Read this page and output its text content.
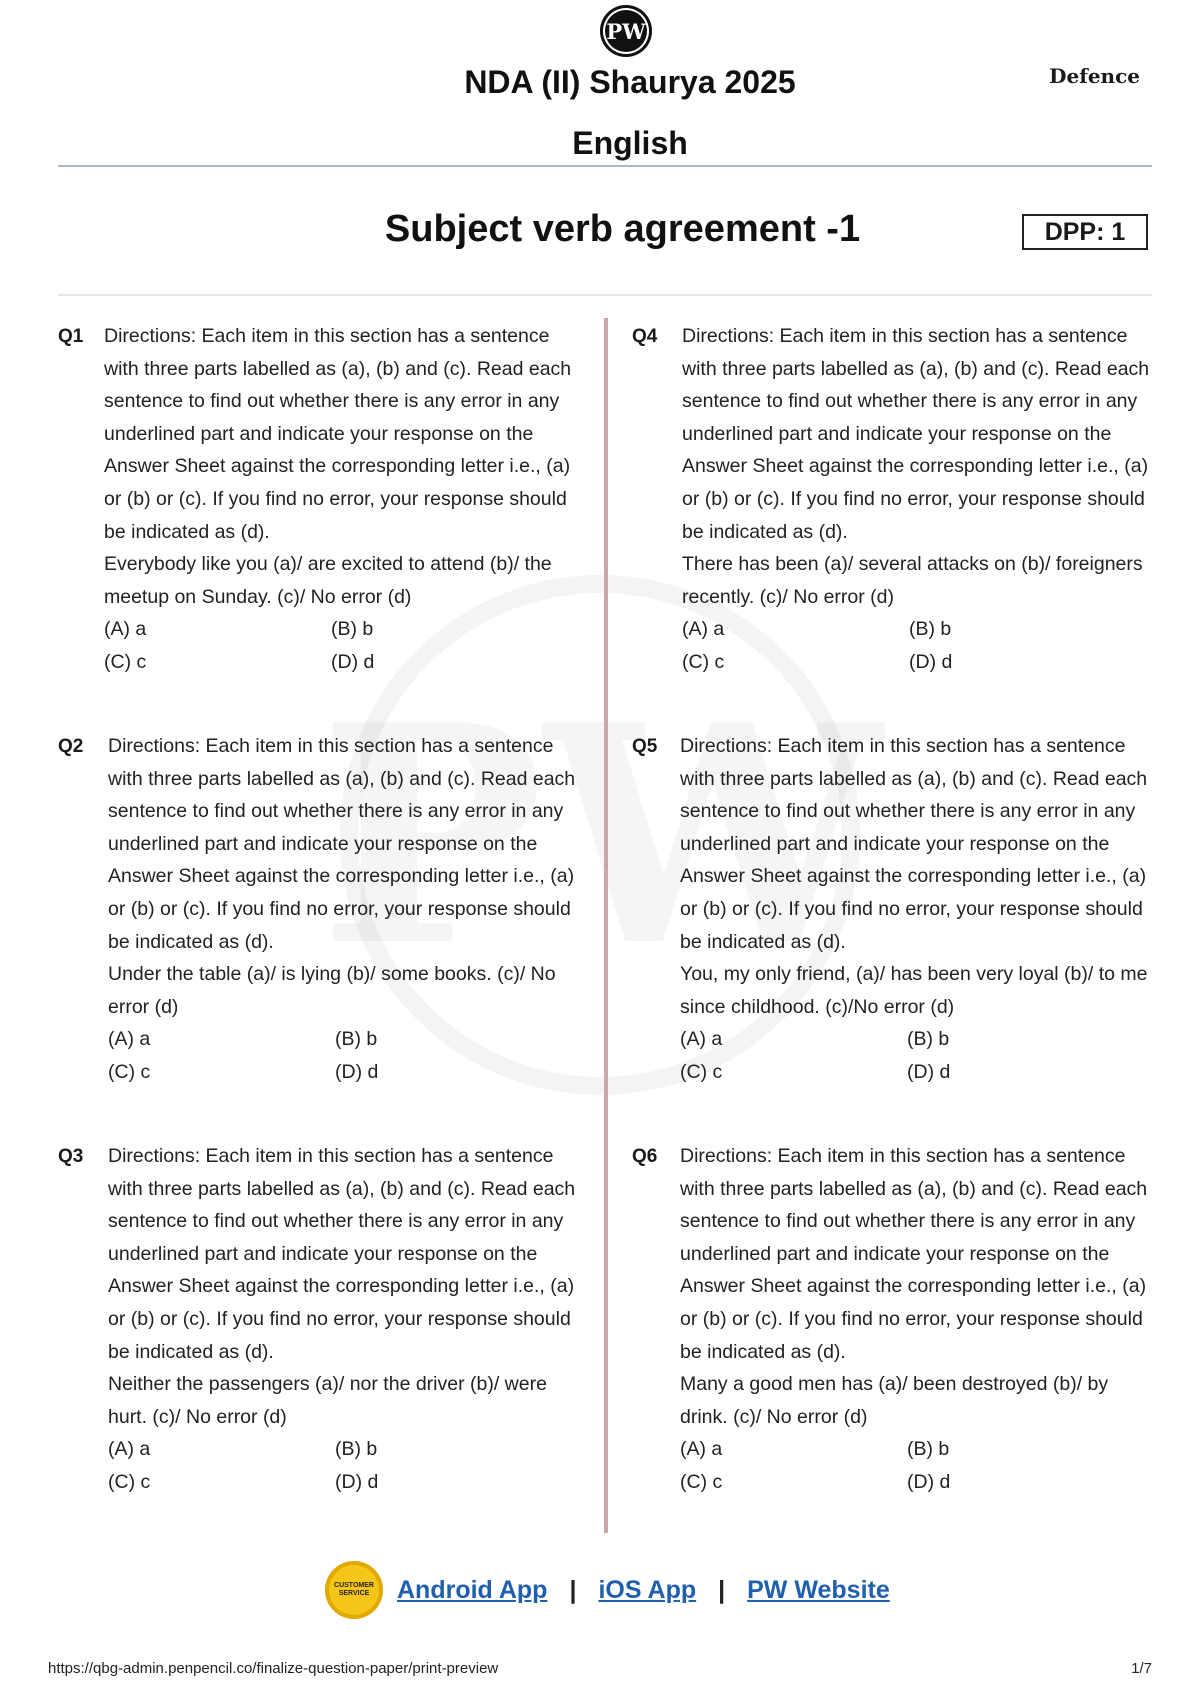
PW
NDA (II) Shaurya 2025	Defence
English
Subject verb agreement -1	DPP: 1
Q1 Directions: Each item in this section has a sentence with three parts labelled as (a), (b) and (c). Read each sentence to find out whether there is any error in any underlined part and indicate your response on the Answer Sheet against the corresponding letter i.e., (a) or (b) or (c). If you find no error, your response should be indicated as (d).

Everybody like you (a)/ are excited to attend (b)/ the meetup on Sunday. (c)/ No error (d)

(A) a	(B) b
(C) c	(D) d
Q2 Directions: Each item in this section has a sentence with three parts labelled as (a), (b) and (c). Read each sentence to find out whether there is any error in any underlined part and indicate your response on the Answer Sheet against the corresponding letter i.e., (a) or (b) or (c). If you find no error, your response should be indicated as (d).

Under the table (a)/ is lying (b)/ some books. (c)/ No error (d)

(A) a	(B) b
(C) c	(D) d
Q3 Directions: Each item in this section has a sentence with three parts labelled as (a), (b) and (c). Read each sentence to find out whether there is any error in any underlined part and indicate your response on the Answer Sheet against the corresponding letter i.e., (a) or (b) or (c). If you find no error, your response should be indicated as (d).

Neither the passengers (a)/ nor the driver (b)/ were hurt. (c)/ No error (d)

(A) a	(B) b
(C) c	(D) d
Q4 Directions: Each item in this section has a sentence with three parts labelled as (a), (b) and (c). Read each sentence to find out whether there is any error in any underlined part and indicate your response on the Answer Sheet against the corresponding letter i.e., (a) or (b) or (c). If you find no error, your response should be indicated as (d).

There has been (a)/ several attacks on (b)/ foreigners recently. (c)/ No error (d)

(A) a	(B) b
(C) c	(D) d
Q5 Directions: Each item in this section has a sentence with three parts labelled as (a), (b) and (c). Read each sentence to find out whether there is any error in any underlined part and indicate your response on the Answer Sheet against the corresponding letter i.e., (a) or (b) or (c). If you find no error, your response should be indicated as (d).

You, my only friend, (a)/ has been very loyal (b)/ to me since childhood. (c)/No error (d)

(A) a	(B) b
(C) c	(D) d
Q6 Directions: Each item in this section has a sentence with three parts labelled as (a), (b) and (c). Read each sentence to find out whether there is any error in any underlined part and indicate your response on the Answer Sheet against the corresponding letter i.e., (a) or (b) or (c). If you find no error, your response should be indicated as (d).

Many a good men has (a)/ been destroyed (b)/ by drink. (c)/ No error (d)

(A) a	(B) b
(C) c	(D) d
CUSTOMER SERVICE	Android App | iOS App | PW Website
https://qbg-admin.penpencil.co/finalize-question-paper/print-preview	1/7
